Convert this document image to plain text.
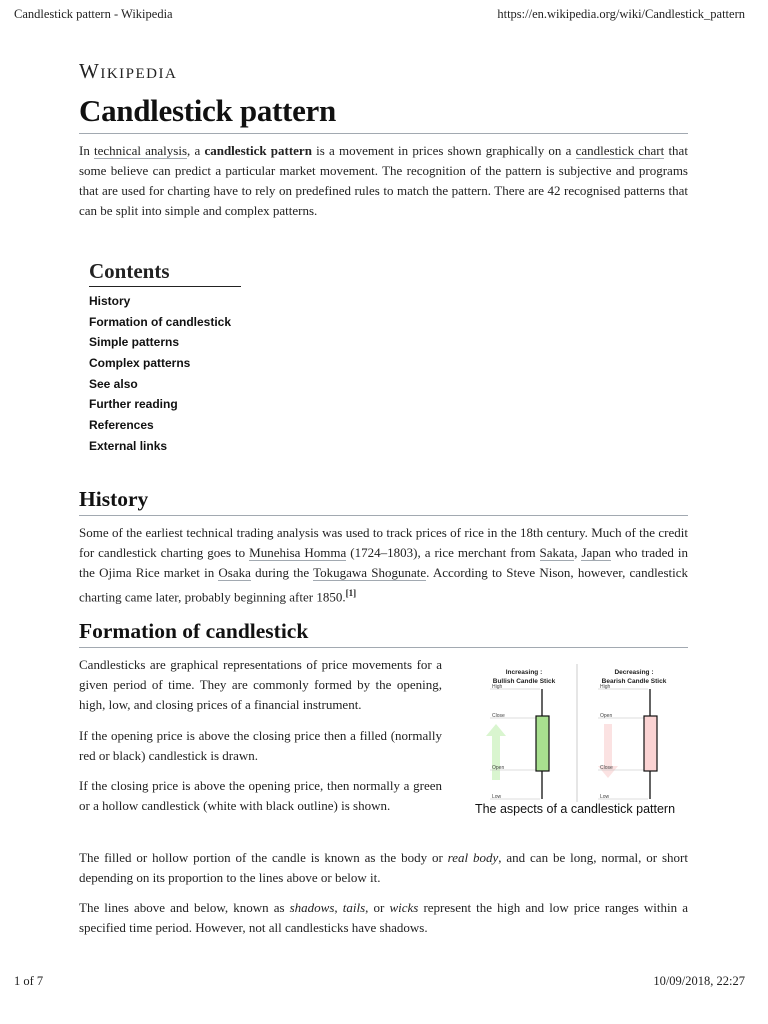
Candlestick pattern - Wikipedia	https://en.wikipedia.org/wiki/Candlestick_pattern
Wikipedia
Candlestick pattern
In technical analysis, a candlestick pattern is a movement in prices shown graphically on a candlestick chart that some believe can predict a particular market movement. The recognition of the pattern is subjective and programs that are used for charting have to rely on predefined rules to match the pattern. There are 42 recognised patterns that can be split into simple and complex patterns.
Contents
History
Formation of candlestick
Simple patterns
Complex patterns
See also
Further reading
References
External links
History
Some of the earliest technical trading analysis was used to track prices of rice in the 18th century. Much of the credit for candlestick charting goes to Munehisa Homma (1724–1803), a rice merchant from Sakata, Japan who traded in the Ojima Rice market in Osaka during the Tokugawa Shogunate. According to Steve Nison, however, candlestick charting came later, probably beginning after 1850.[1]
Formation of candlestick
Candlesticks are graphical representations of price movements for a given period of time. They are commonly formed by the opening, high, low, and closing prices of a financial instrument.
If the opening price is above the closing price then a filled (normally red or black) candlestick is drawn.
If the closing price is above the opening price, then normally a green or a hollow candlestick (white with black outline) is shown.
Increasing :
Bullish Candle Stick
High
Close
Open
Low
Decreasing :
Bearish Candle Stick
High
Open
Close
Low
The aspects of a candlestick pattern
The filled or hollow portion of the candle is known as the body or real body, and can be long, normal, or short depending on its proportion to the lines above or below it.
The lines above and below, known as shadows, tails, or wicks represent the high and low price ranges within a specified time period. However, not all candlesticks have shadows.
1 of 7	10/09/2018, 22:27
